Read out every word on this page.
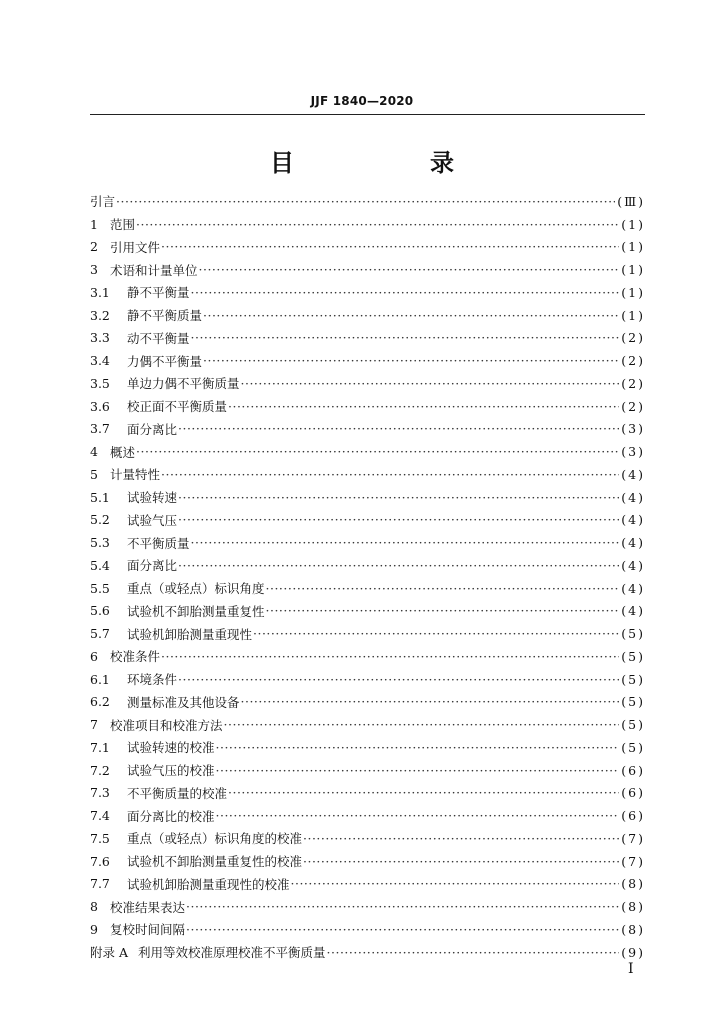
JJF 1840—2020
目　录
引言 ·····	(Ⅲ)
1 范围 ·····	(1)
2 引用文件 ·····	(1)
3 术语和计量单位 ·····	(1)
3.1	静不平衡量 ·····	(1)
3.2	静不平衡质量 ·····	(1)
3.3	动不平衡量 ·····	(2)
3.4	力偶不平衡量 ·····	(2)
3.5	单边力偶不平衡质量 ·····	(2)
3.6	校正面不平衡质量 ·····	(2)
3.7	面分离比 ·····	(3)
4 概述 ·····	(3)
5 计量特性 ·····	(4)
5.1	试验转速 ·····	(4)
5.2	试验气压 ·····	(4)
5.3	不平衡质量 ·····	(4)
5.4	面分离比 ·····	(4)
5.5	重点（或轻点）标识角度 ·····	(4)
5.6	试验机不卸胎测量重复性 ·····	(4)
5.7	试验机卸胎测量重现性 ·····	(5)
6 校准条件 ·····	(5)
6.1	环境条件 ·····	(5)
6.2	测量标准及其他设备 ·····	(5)
7 校准项目和校准方法 ·····	(5)
7.1	试验转速的校准 ·····	(5)
7.2	试验气压的校准 ·····	(6)
7.3	不平衡质量的校准 ·····	(6)
7.4	面分离比的校准 ·····	(6)
7.5	重点（或轻点）标识角度的校准 ·····	(7)
7.6	试验机不卸胎测量重复性的校准 ·····	(7)
7.7	试验机卸胎测量重现性的校准 ·····	(8)
8 校准结果表达 ·····	(8)
9 复校时间间隔 ·····	(8)
附录 A 利用等效校准原理校准不平衡质量 ·····	(9)
Ⅰ
